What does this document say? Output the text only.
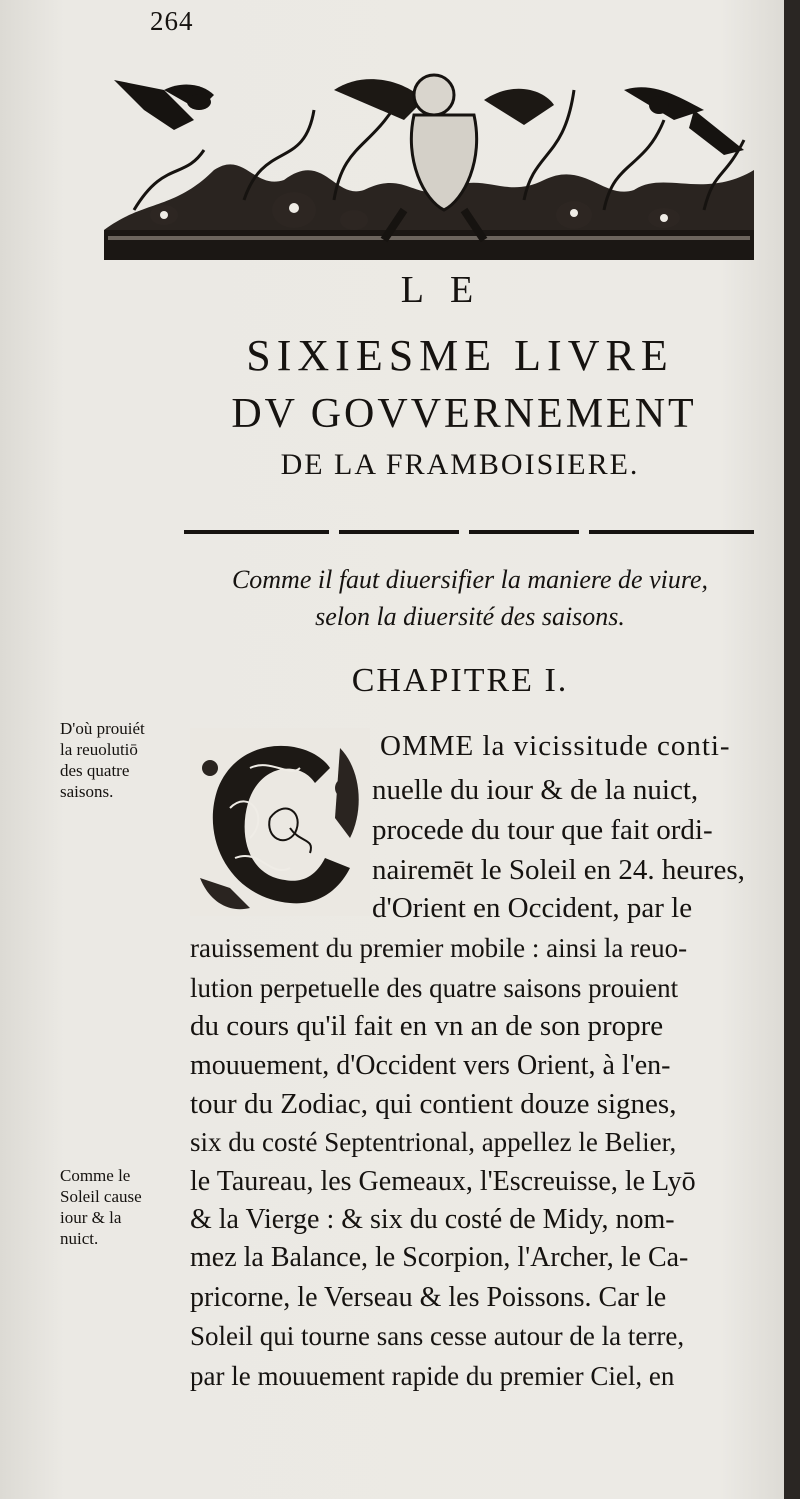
264
LE
SIXIESME LIVRE
DV GOVVERNEMENT
DE LA FRAMBOISIERE.
Comme il faut diuersifier la maniere de viure,
selon la diuersité des saisons.
CHAPITRE I.
D'où prouiét
la reuolutiō
des quatre
saisons.
Comme le
Soleil cause
iour & la
nuict.
OMME la vicissitude conti-
nuelle du iour & de la nuict,
procede du tour que fait ordi-
nairemēt le Soleil en 24. heures,
d'Orient en Occident, par le
rauissement du premier mobile : ainsi la reuo-
lution perpetuelle des quatre saisons prouient
du cours qu'il fait en vn an de son propre
mouuement, d'Occident vers Orient, à l'en-
tour du Zodiac, qui contient douze signes,
six du costé Septentrional, appellez le Belier,
le Taureau, les Gemeaux, l'Escreuisse, le Lyō
& la Vierge : & six du costé de Midy, nom-
mez la Balance, le Scorpion, l'Archer, le Ca-
pricorne, le Verseau & les Poissons. Car le
Soleil qui tourne sans cesse autour de la terre,
par le mouuement rapide du premier Ciel, en
